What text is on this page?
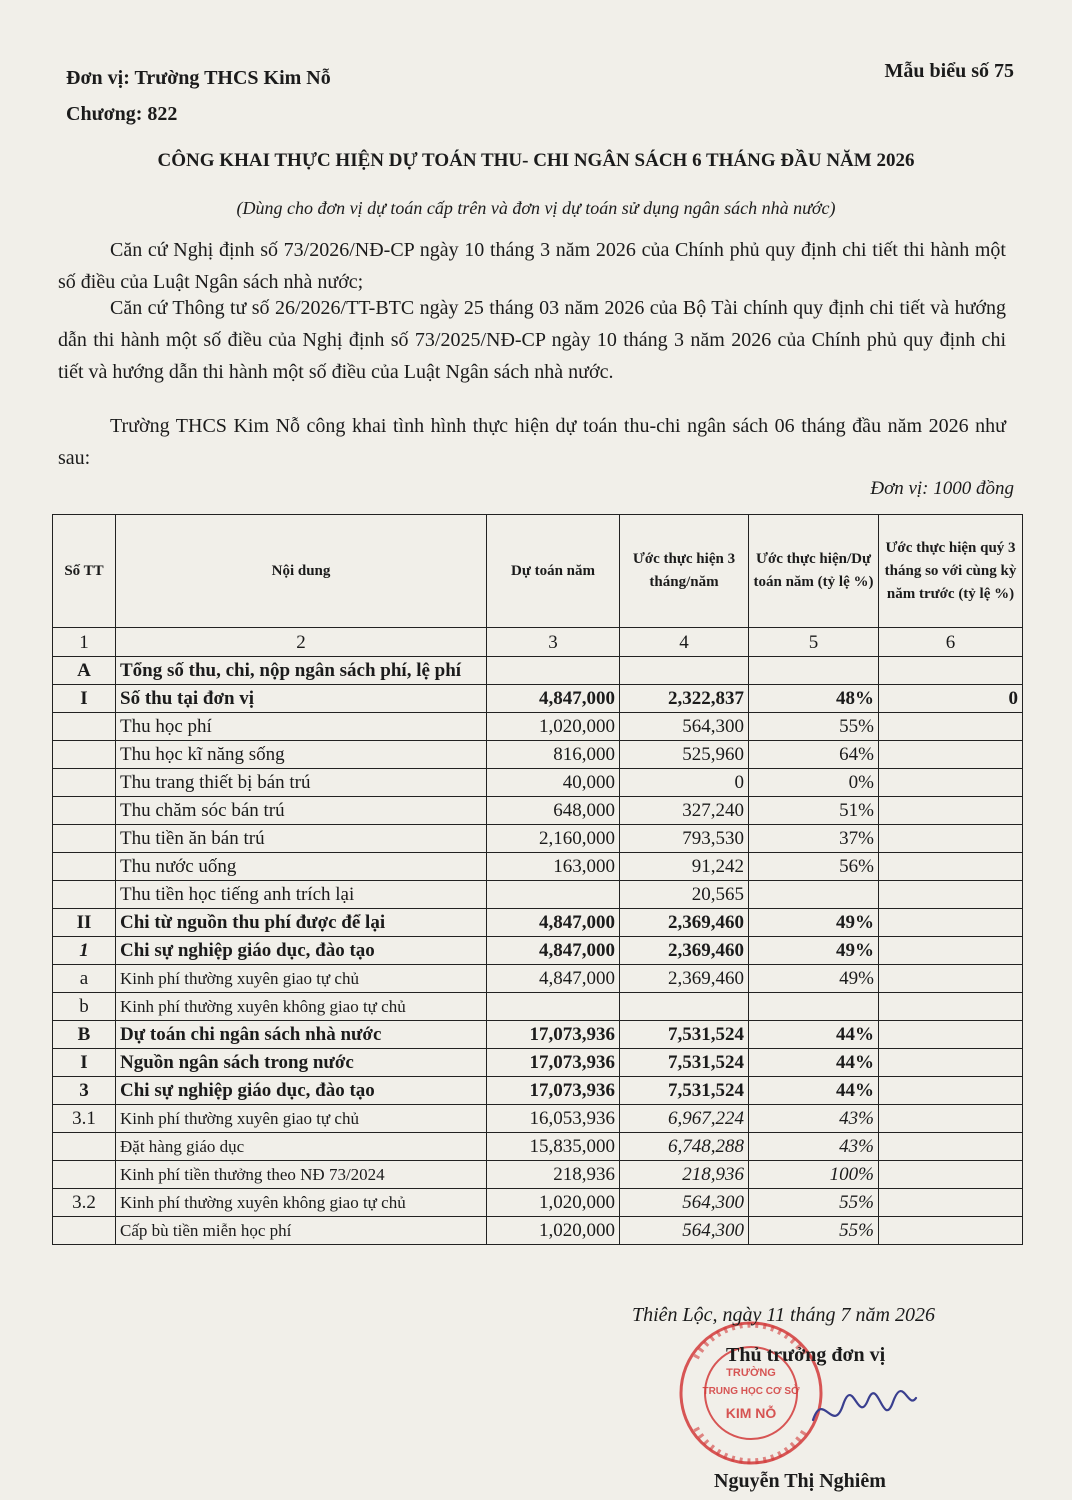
Đơn vị: Trường THCS Kim Nỗ
Chương: 822
Mẫu biểu số 75
CÔNG KHAI THỰC HIỆN DỰ TOÁN THU- CHI NGÂN SÁCH 6 THÁNG ĐẦU NĂM 2026
(Dùng cho đơn vị dự toán cấp trên và đơn vị dự toán sử dụng ngân sách nhà nước)
Căn cứ Nghị định số 73/2026/NĐ-CP ngày 10 tháng 3 năm 2026 của Chính phủ quy định chi tiết thi hành một số điều của Luật Ngân sách nhà nước;
Căn cứ Thông tư số 26/2026/TT-BTC ngày 25 tháng 03 năm 2026 của Bộ Tài chính quy định chi tiết và hướng dẫn thi hành một số điều của Nghị định số 73/2025/NĐ-CP ngày 10 tháng 3 năm 2026 của Chính phủ quy định chi tiết và hướng dẫn thi hành một số điều của Luật Ngân sách nhà nước.
Trường THCS Kim Nỗ công khai tình hình thực hiện dự toán thu-chi ngân sách 06 tháng đầu năm 2026 như sau:
Đơn vị: 1000 đồng
Số TT	Nội dung	Dự toán năm	Ước thực hiện 3 tháng/năm	Ước thực hiện/Dự toán năm (tỷ lệ %)	Ước thực hiện quý 3 tháng so với cùng kỳ năm trước (tỷ lệ %)
1	2	3	4	5	6
A	Tổng số thu, chi, nộp ngân sách phí, lệ phí				
I	Số thu tại đơn vị	4,847,000	2,322,837	48%	0
	Thu học phí	1,020,000	564,300	55%	
	Thu học kĩ năng sống	816,000	525,960	64%	
	Thu trang thiết bị bán trú	40,000	0	0%	
	Thu chăm sóc bán trú	648,000	327,240	51%	
	Thu tiền ăn bán trú	2,160,000	793,530	37%	
	Thu nước uống	163,000	91,242	56%	
	Thu tiền học tiếng anh trích lại		20,565		
II	Chi từ nguồn thu phí được để lại	4,847,000	2,369,460	49%	
1	Chi sự nghiệp giáo dục, đào tạo	4,847,000	2,369,460	49%	
a	Kinh phí thường xuyên giao tự chủ	4,847,000	2,369,460	49%	
b	Kinh phí thường xuyên không giao tự chủ				
B	Dự toán chi ngân sách nhà nước	17,073,936	7,531,524	44%	
I	Nguồn ngân sách trong nước	17,073,936	7,531,524	44%	
3	Chi sự nghiệp giáo dục, đào tạo	17,073,936	7,531,524	44%	
3.1	Kinh phí thường xuyên giao tự chủ	16,053,936	6,967,224	43%	
	Đặt hàng giáo dục	15,835,000	6,748,288	43%	
	Kinh phí tiền thưởng theo NĐ 73/2024	218,936	218,936	100%	
3.2	Kinh phí thường xuyên không giao tự chủ	1,020,000	564,300	55%	
	Cấp bù tiền miễn học phí	1,020,000	564,300	55%	
TRƯỜNG
TRUNG HỌC CƠ SỞ
KIM NỖ
Thiên Lộc, ngày 11 tháng 7 năm 2026
Thủ trưởng đơn vị
Nguyễn Thị Nghiêm
